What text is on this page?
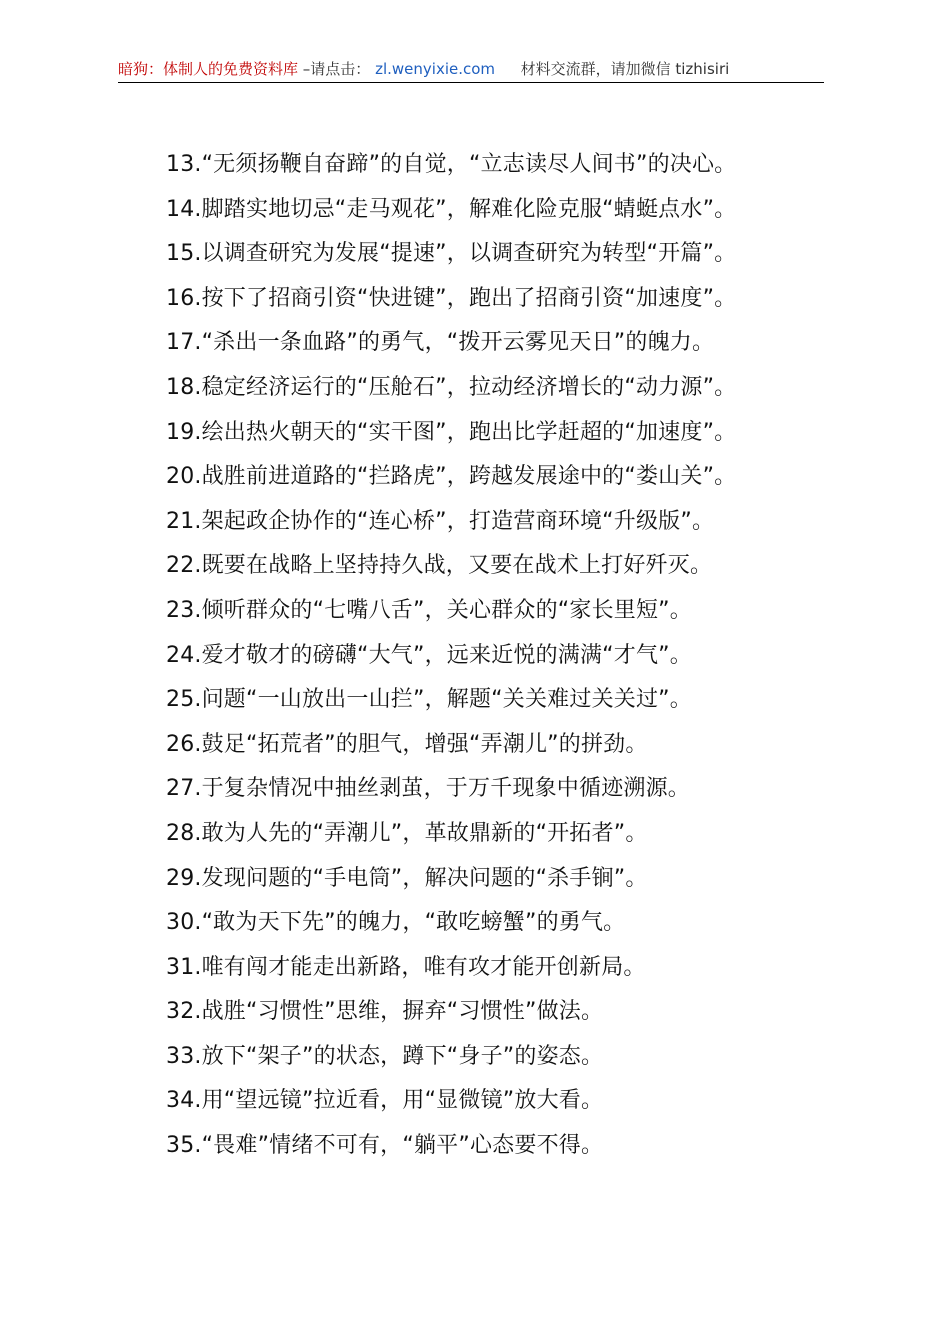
暗狗：体制人的免费资料库 –请点击： zl.wenyixie.com 材料交流群，请加微信 tizhisiri
13.“无须扬鞭自奋蹄”的自觉，“立志读尽人间书”的决心。
14.脚踏实地切忌“走马观花”，解难化险克服“蜻蜓点水”。
15.以调查研究为发展“提速”，以调查研究为转型“开篇”。
16.按下了招商引资“快进键”，跑出了招商引资“加速度”。
17.“杀出一条血路”的勇气，“拨开云雾见天日”的魄力。
18.稳定经济运行的“压舱石”，拉动经济增长的“动力源”。
19.绘出热火朝天的“实干图”，跑出比学赶超的“加速度”。
20.战胜前进道路的“拦路虎”，跨越发展途中的“娄山关”。
21.架起政企协作的“连心桥”，打造营商环境“升级版”。
22.既要在战略上坚持持久战，又要在战术上打好歼灭。
23.倾听群众的“七嘴八舌”，关心群众的“家长里短”。
24.爱才敬才的磅礴“大气”，远来近悦的满满“才气”。
25.问题“一山放出一山拦”，解题“关关难过关关过”。
26.鼓足“拓荒者”的胆气，增强“弄潮儿”的拼劲。
27.于复杂情况中抽丝剥茧，于万千现象中循迹溯源。
28.敢为人先的“弄潮儿”，革故鼎新的“开拓者”。
29.发现问题的“手电筒”，解决问题的“杀手锏”。
30.“敢为天下先”的魄力，“敢吃螃蟹”的勇气。
31.唯有闯才能走出新路，唯有攻才能开创新局。
32.战胜“习惯性”思维，摒弃“习惯性”做法。
33.放下“架子”的状态，蹲下“身子”的姿态。
34.用“望远镜”拉近看，用“显微镜”放大看。
35.“畏难”情绪不可有，“躺平”心态要不得。
